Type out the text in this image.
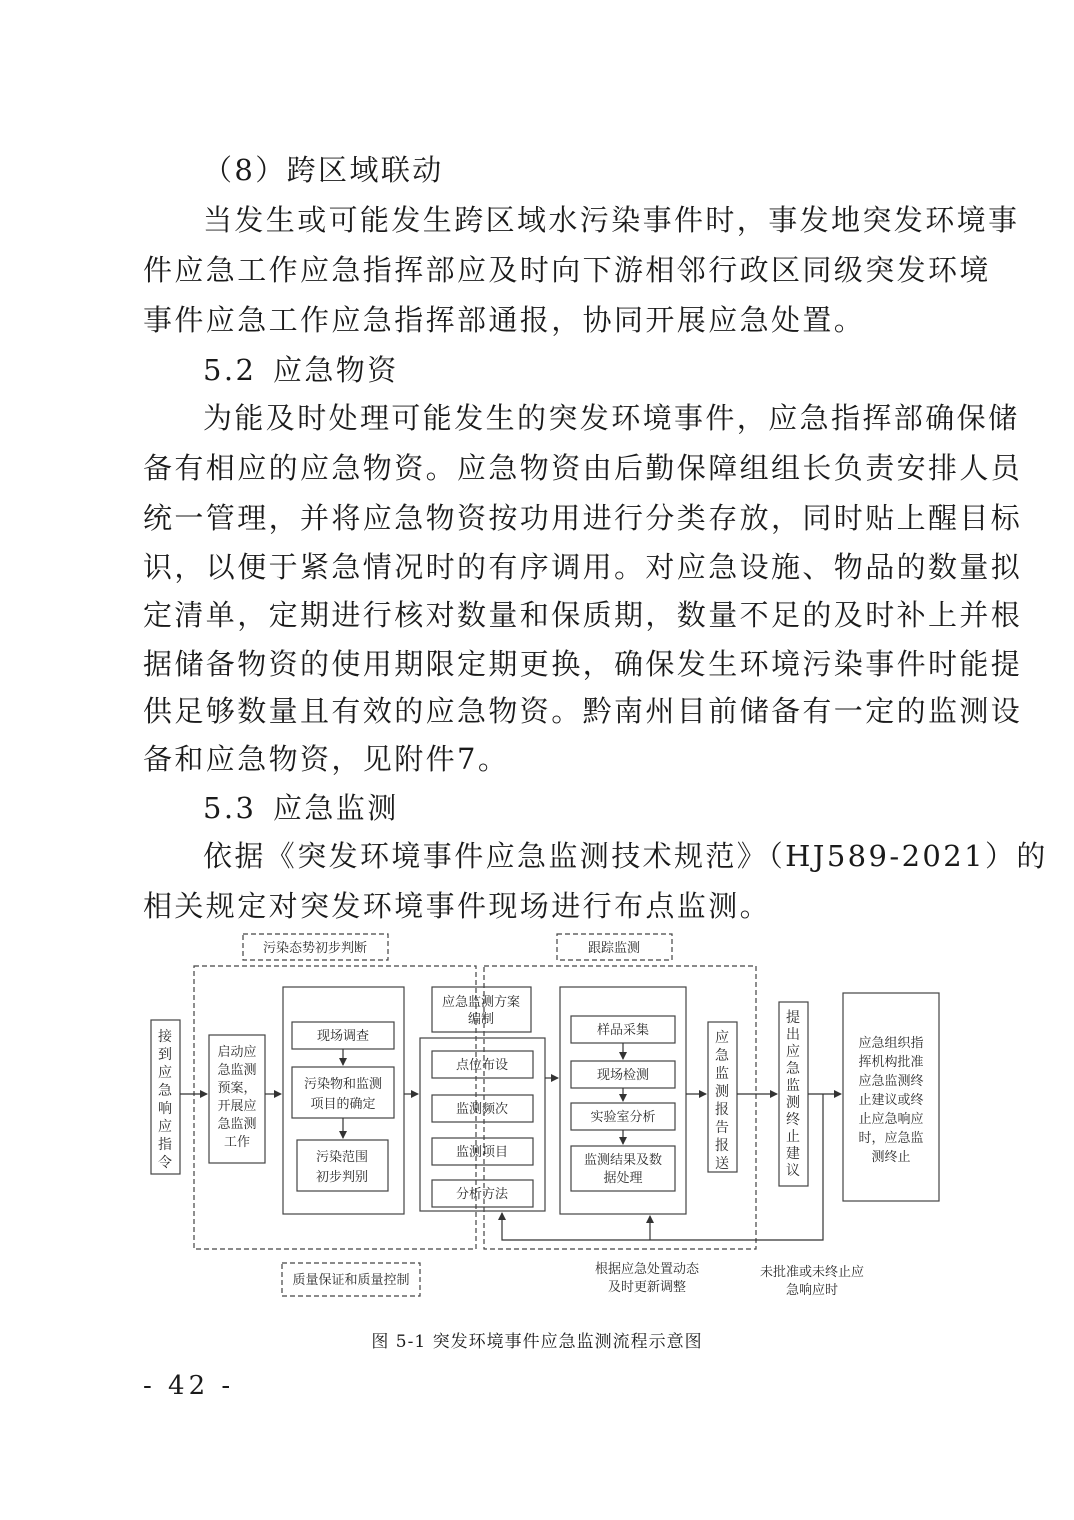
（8）跨区域联动
当发生或可能发生跨区域水污染事件时，事发地突发环境事
件应急工作应急指挥部应及时向下游相邻行政区同级突发环境
事件应急工作应急指挥部通报，协同开展应急处置。
5.2 应急物资
为能及时处理可能发生的突发环境事件，应急指挥部确保储
备有相应的应急物资。应急物资由后勤保障组组长负责安排人员
统一管理，并将应急物资按功用进行分类存放，同时贴上醒目标
识，以便于紧急情况时的有序调用。对应急设施、物品的数量拟
定清单，定期进行核对数量和保质期，数量不足的及时补上并根
据储备物资的使用期限定期更换，确保发生环境污染事件时能提
供足够数量且有效的应急物资。黔南州目前储备有一定的监测设
备和应急物资，见附件7。
5.3 应急监测
依据《突发环境事件应急监测技术规范》（HJ589-2021）的
相关规定对突发环境事件现场进行布点监测。
污染态势初步判断	跟踪监测
质量保证和质量控制
现场调查
污染物和监测
项目的确定
污染范围
初步判别
应急监测方案
编制
点位布设
监测频次
监测项目
分析方法
样品采集
现场检测
实验室分析
监测结果及数
据处理
启动应
急监测
预案，
开展应
急监测
工作
应急组织指
挥机构批准
应急监测终
止建议或终
止应急响应
时，应急监
测终止
根据应急处置动态
及时更新调整
未批准或未终止应
急响应时
接
到
应
急
响
应
指
令
应
急
监
测
报
告
报
送
提
出
应
急
监
测
终
止
建
议
图 5-1 突发环境事件应急监测流程示意图
- 42 -
